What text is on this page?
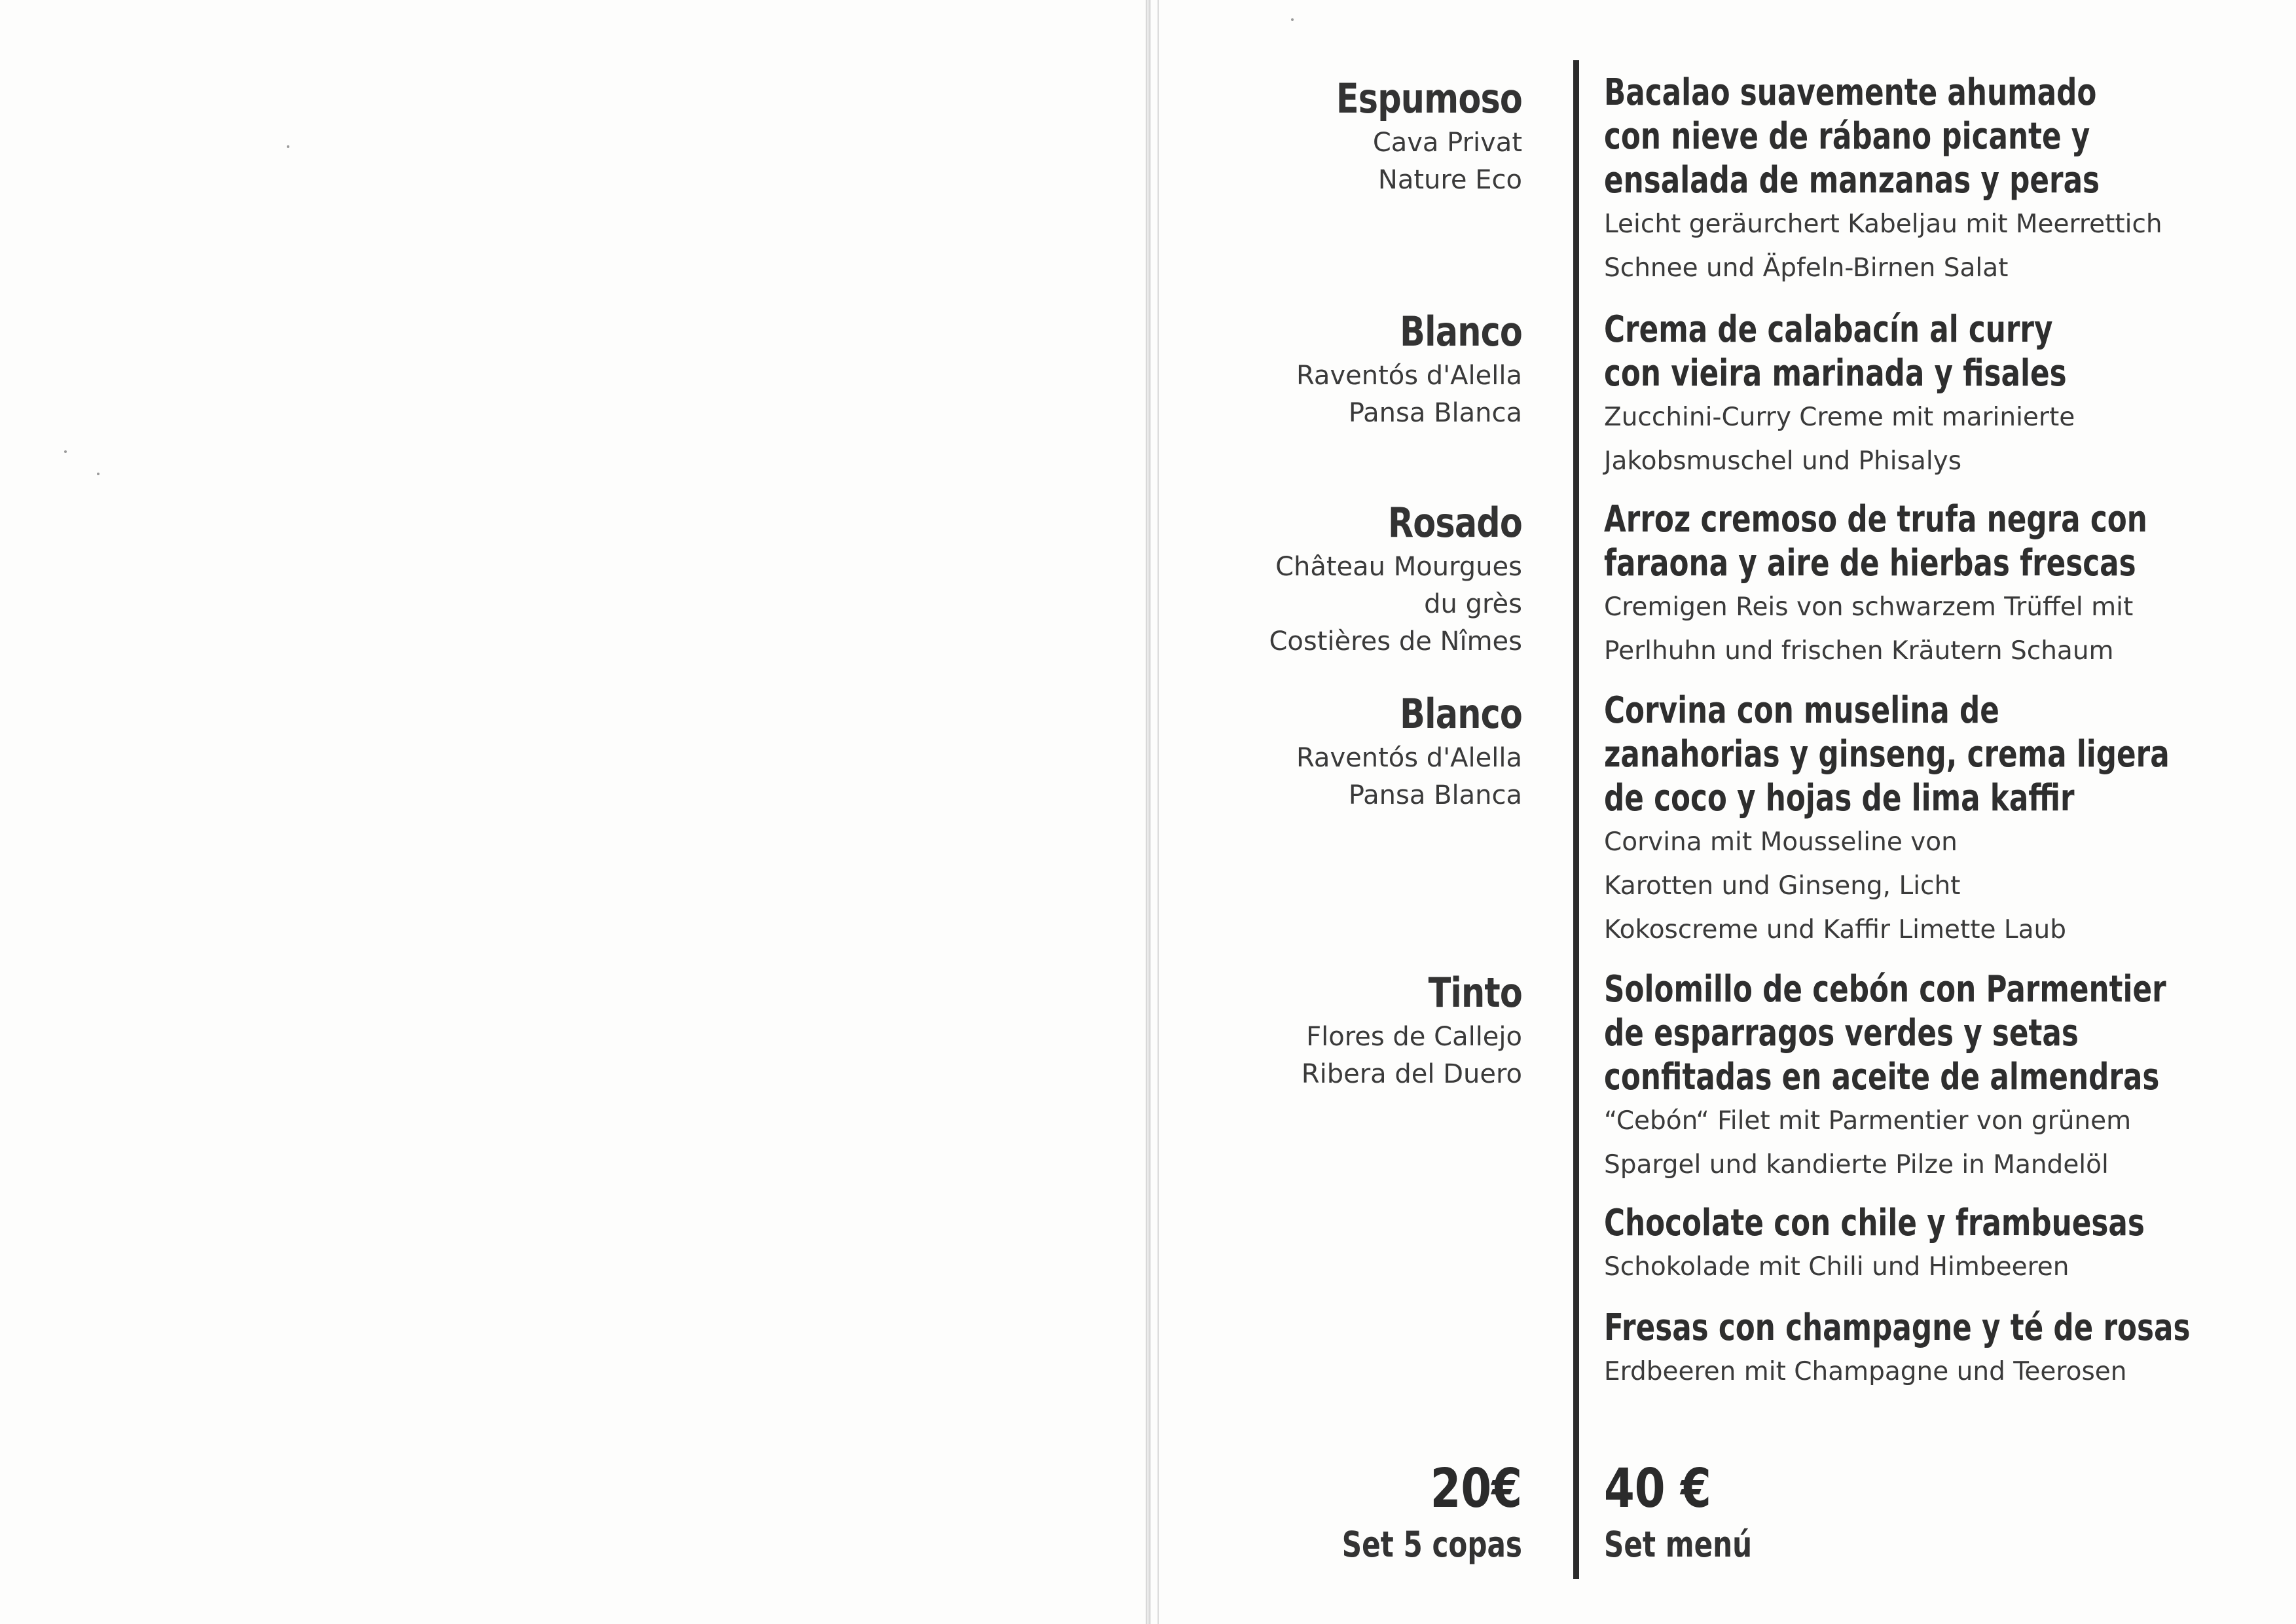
Espumoso

Cava Privat

Nature Eco

Blanco

Raventós d'Alella

Pansa Blanca

Rosado

Château Mourgues

du grès

Costières de Nîmes

Blanco

Raventós d'Alella

Pansa Blanca

Tinto

Flores de Callejo

Ribera del Duero

Bacalao suavemente ahumado
con nieve de rábano picante y
ensalada de manzanas y peras

Leicht geräurchert Kabeljau mit Meerrettich

Schnee und Äpfeln-Birnen Salat

Crema de calabacín al curry
con vieira marinada y fisales

Zucchini-Curry Creme mit marinierte

Jakobsmuschel und Phisalys

Arroz cremoso de trufa negra con
faraona y aire de hierbas frescas

Cremigen Reis von schwarzem Trüffel mit

Perlhuhn und frischen Kräutern Schaum

Corvina con muselina de
zanahorias y ginseng, crema ligera
de coco y hojas de lima kaffir

Corvina mit Mousseline von

Karotten und Ginseng, Licht

Kokoscreme und Kaffir Limette Laub

Solomillo de cebón con Parmentier
de esparragos verdes y setas
confitadas en aceite de almendras

“Cebón“ Filet mit Parmentier von grünem

Spargel und kandierte Pilze in Mandelöl

Chocolate con chile y frambuesas

Schokolade mit Chili und Himbeeren

Fresas con champagne y té de rosas

Erdbeeren mit Champagne und Teerosen

20€

Set 5 copas

40 €

Set menú
